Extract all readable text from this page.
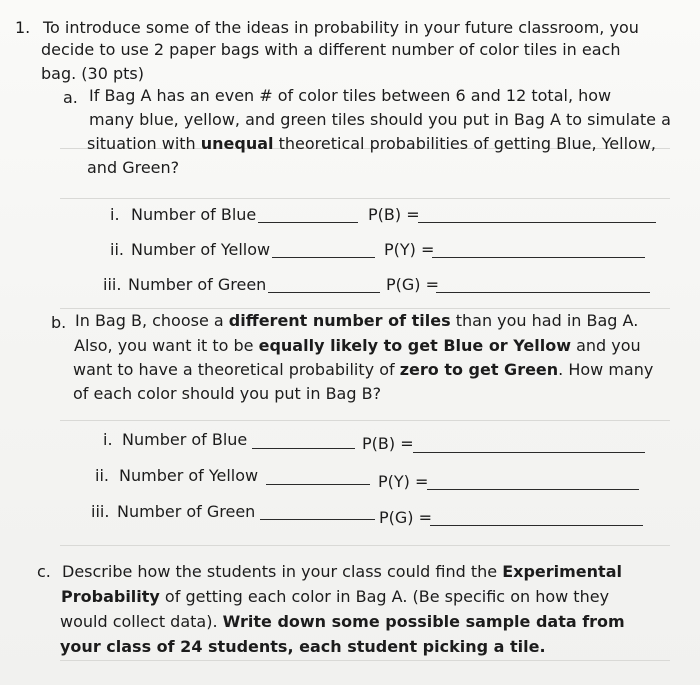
1. To introduce some of the ideas in probability in your future classroom, you
decide to use 2 paper bags with a different number of color tiles in each
bag. (30 pts)
a. If Bag A has an even # of color tiles between 6 and 12 total, how
many blue, yellow, and green tiles should you put in Bag A to simulate a
situation with unequal theoretical probabilities of getting Blue, Yellow,
and Green?
i. Number of Blue	P(B) =
ii. Number of Yellow	P(Y) =
iii. Number of Green	P(G) =
b. In Bag B, choose a different number of tiles than you had in Bag A.
Also, you want it to be equally likely to get Blue or Yellow and you
want to have a theoretical probability of zero to get Green. How many
of each color should you put in Bag B?
i. Number of Blue	P(B) =
ii. Number of Yellow	P(Y) =
iii. Number of Green	P(G) =
c. Describe how the students in your class could find the Experimental
Probability of getting each color in Bag A. (Be specific on how they
would collect data). Write down some possible sample data from
your class of 24 students, each student picking a tile.
